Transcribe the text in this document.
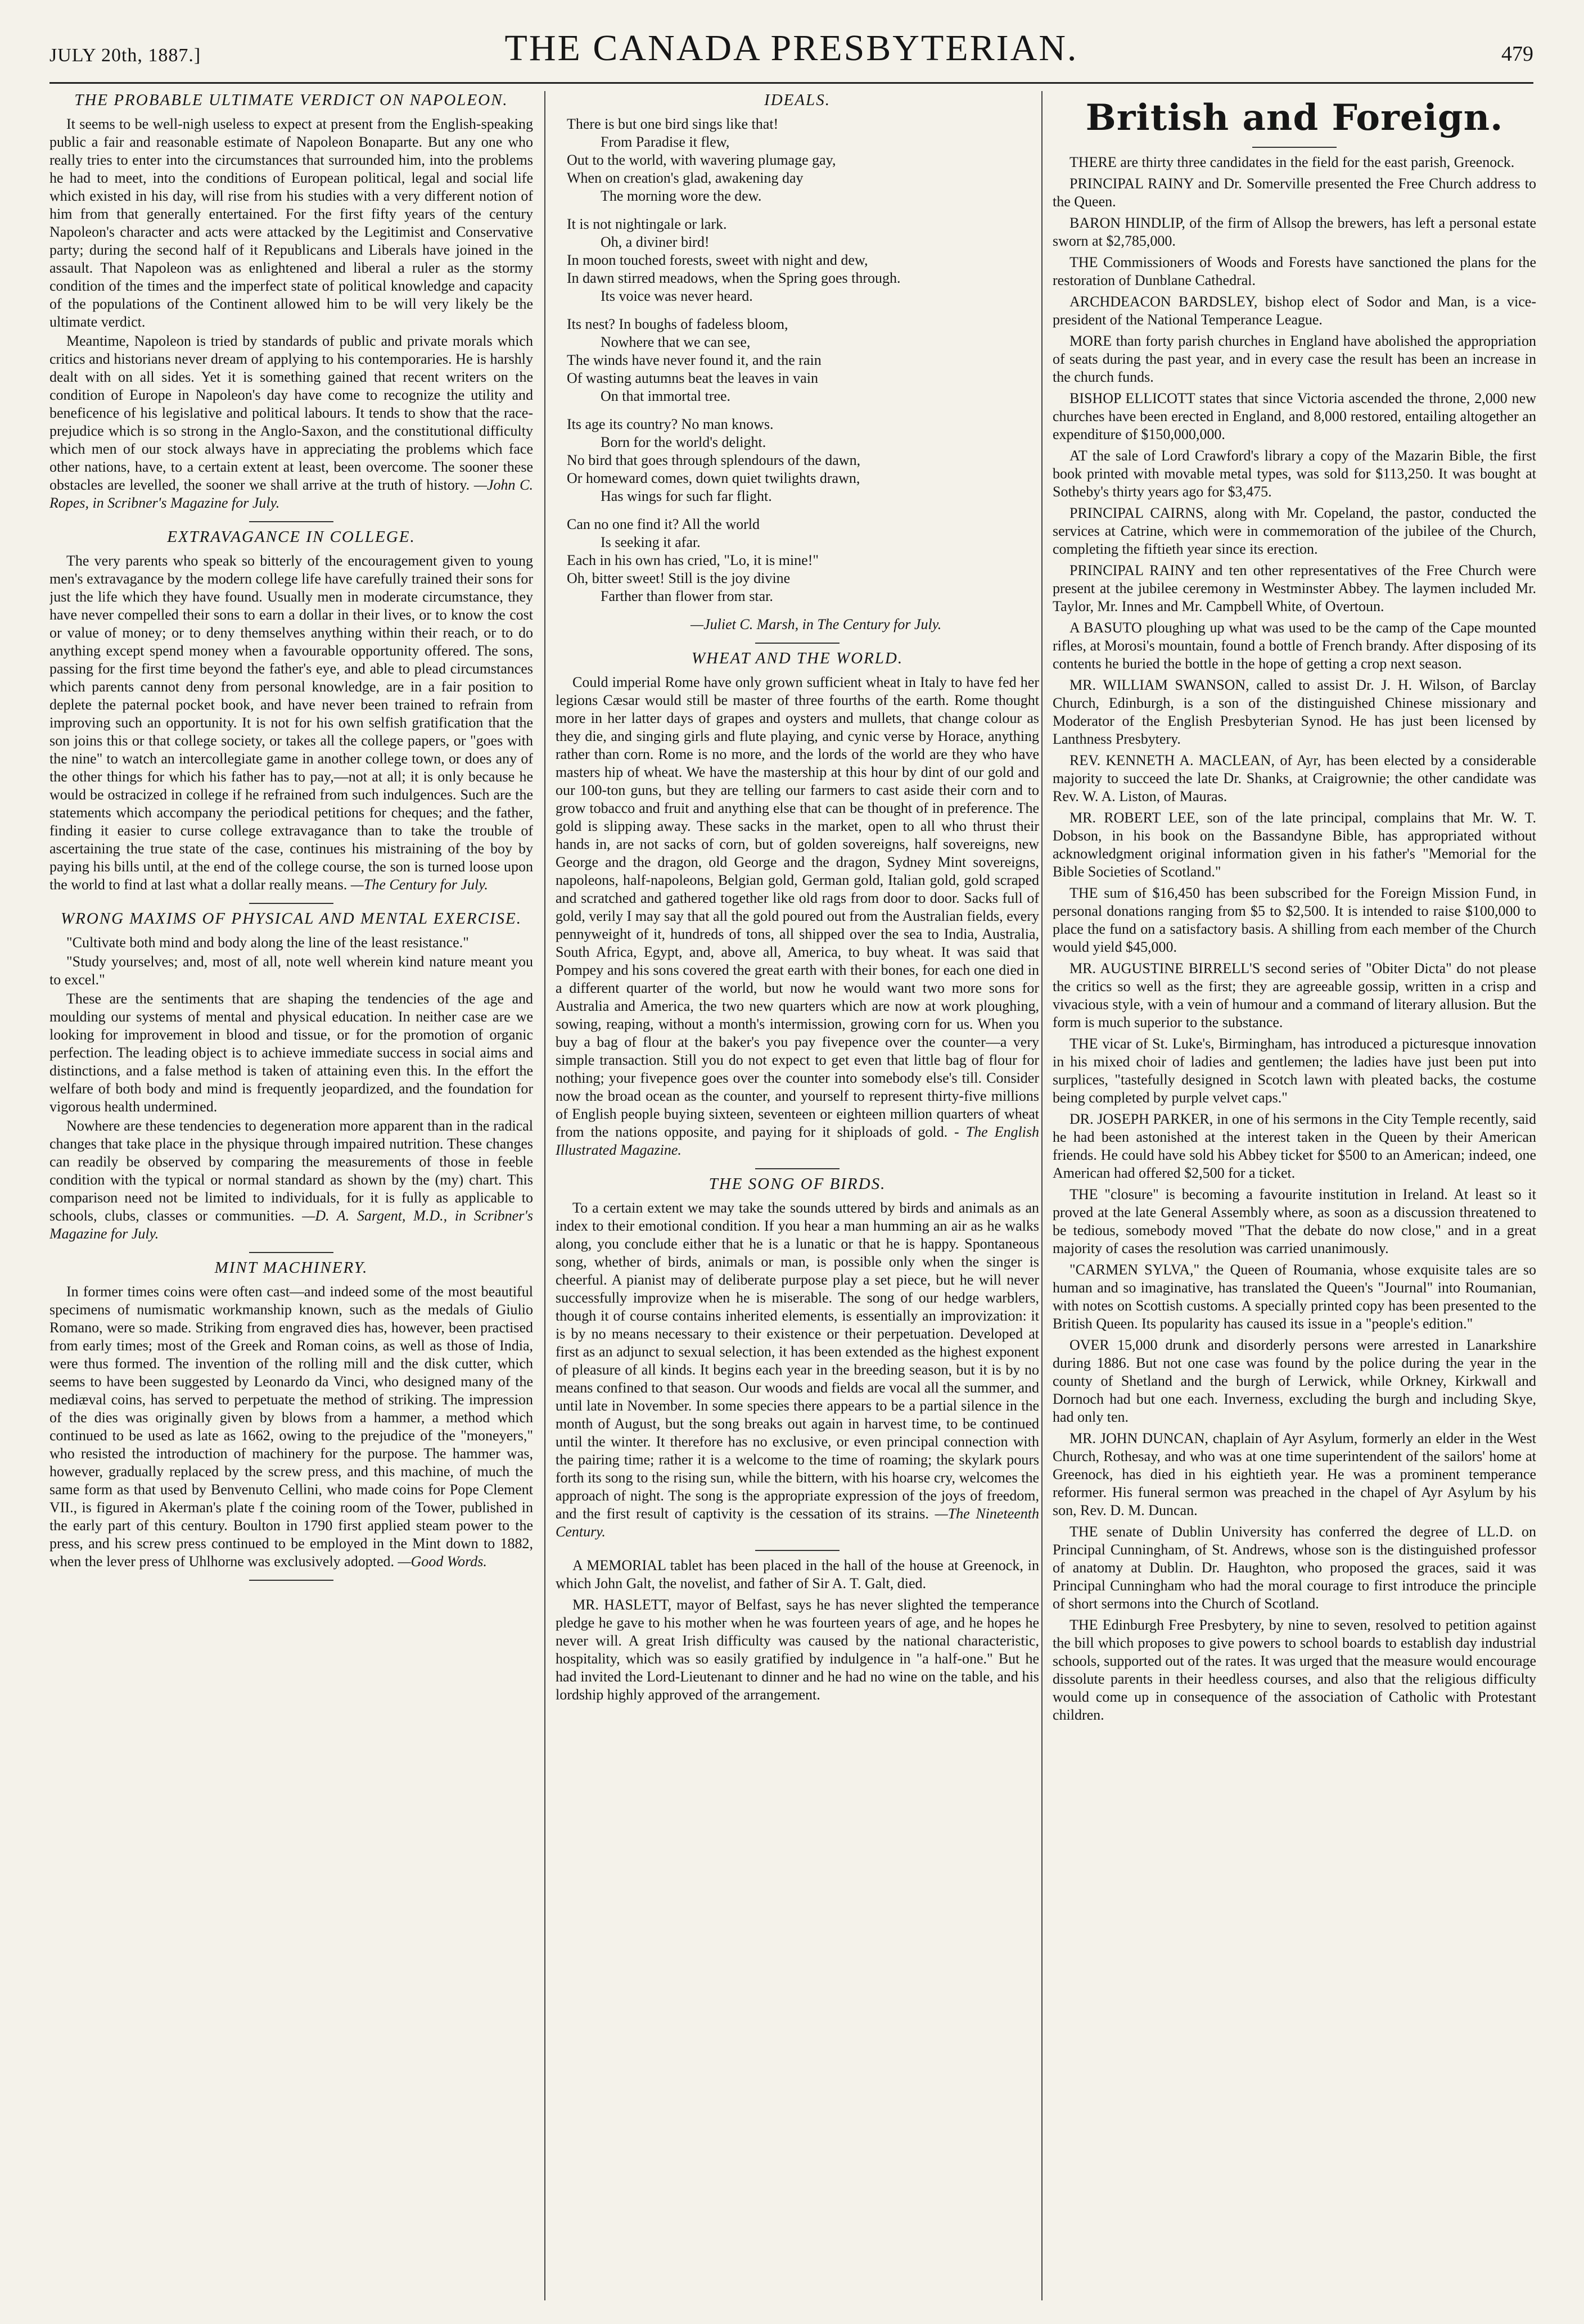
JULY 20th, 1887.]	THE CANADA PRESBYTERIAN.	479
THE PROBABLE ULTIMATE VERDICT ON NAPOLEON.

It seems to be well-nigh useless to expect at present from the English-speaking public a fair and reasonable estimate of Napoleon Bonaparte. But any one who really tries to enter into the circumstances that surrounded him, into the problems he had to meet, into the conditions of European political, legal and social life which existed in his day, will rise from his studies with a very different notion of him from that generally entertained. For the first fifty years of the century Napoleon's character and acts were attacked by the Legitimist and Conservative party; during the second half of it Republicans and Liberals have joined in the assault. That Napoleon was as enlightened and liberal a ruler as the stormy condition of the times and the imperfect state of political knowledge and capacity of the populations of the Continent allowed him to be will very likely be the ultimate verdict.

Meantime, Napoleon is tried by standards of public and private morals which critics and historians never dream of applying to his contemporaries. He is harshly dealt with on all sides. Yet it is something gained that recent writers on the condition of Europe in Napoleon's day have come to recognize the utility and beneficence of his legislative and political labours. It tends to show that the race-prejudice which is so strong in the Anglo-Saxon, and the constitutional difficulty which men of our stock always have in appreciating the problems which face other nations, have, to a certain extent at least, been overcome. The sooner these obstacles are levelled, the sooner we shall arrive at the truth of history. —John C. Ropes, in Scribner's Magazine for July.

EXTRAVAGANCE IN COLLEGE.

The very parents who speak so bitterly of the encouragement given to young men's extravagance by the modern college life have carefully trained their sons for just the life which they have found. Usually men in moderate circumstance, they have never compelled their sons to earn a dollar in their lives, or to know the cost or value of money; or to deny themselves anything within their reach, or to do anything except spend money when a favourable opportunity offered. The sons, passing for the first time beyond the father's eye, and able to plead circumstances which parents cannot deny from personal knowledge, are in a fair position to deplete the paternal pocket book, and have never been trained to refrain from improving such an opportunity. It is not for his own selfish gratification that the son joins this or that college society, or takes all the college papers, or "goes with the nine" to watch an intercollegiate game in another college town, or does any of the other things for which his father has to pay,—not at all; it is only because he would be ostracized in college if he refrained from such indulgences. Such are the statements which accompany the periodical petitions for cheques; and the father, finding it easier to curse college extravagance than to take the trouble of ascertaining the true state of the case, continues his mistraining of the boy by paying his bills until, at the end of the college course, the son is turned loose upon the world to find at last what a dollar really means. —The Century for July.

WRONG MAXIMS OF PHYSICAL AND MENTAL EXERCISE.

"Cultivate both mind and body along the line of the least resistance."

"Study yourselves; and, most of all, note well wherein kind nature meant you to excel."

These are the sentiments that are shaping the tendencies of the age and moulding our systems of mental and physical education. In neither case are we looking for improvement in blood and tissue, or for the promotion of organic perfection. The leading object is to achieve immediate success in social aims and distinctions, and a false method is taken of attaining even this. In the effort the welfare of both body and mind is frequently jeopardized, and the foundation for vigorous health undermined.

Nowhere are these tendencies to degeneration more apparent than in the radical changes that take place in the physique through impaired nutrition. These changes can readily be observed by comparing the measurements of those in feeble condition with the typical or normal standard as shown by the (my) chart. This comparison need not be limited to individuals, for it is fully as applicable to schools, clubs, classes or communities. —D. A. Sargent, M.D., in Scribner's Magazine for July.

MINT MACHINERY.

In former times coins were often cast—and indeed some of the most beautiful specimens of numismatic workmanship known, such as the medals of Giulio Romano, were so made. Striking from engraved dies has, however, been practised from early times; most of the Greek and Roman coins, as well as those of India, were thus formed. The invention of the rolling mill and the disk cutter, which seems to have been suggested by Leonardo da Vinci, who designed many of the mediæval coins, has served to perpetuate the method of striking. The impression of the dies was originally given by blows from a hammer, a method which continued to be used as late as 1662, owing to the prejudice of the "moneyers," who resisted the introduction of machinery for the purpose. The hammer was, however, gradually replaced by the screw press, and this machine, of much the same form as that used by Benvenuto Cellini, who made coins for Pope Clement VII., is figured in Akerman's plate f the coining room of the Tower, published in the early part of this century. Boulton in 1790 first applied steam power to the press, and his screw press continued to be employed in the Mint down to 1882, when the lever press of Uhlhorne was exclusively adopted. —Good Words.

IDEALS.
There is but one bird sings like that!
From Paradise it flew,
Out to the world, with wavering plumage gay,
When on creation's glad, awakening day
The morning wore the dew.
It is not nightingale or lark.
Oh, a diviner bird!
In moon touched forests, sweet with night and dew,
In dawn stirred meadows, when the Spring goes through.
Its voice was never heard.
Its nest? In boughs of fadeless bloom,
Nowhere that we can see,
The winds have never found it, and the rain
Of wasting autumns beat the leaves in vain
On that immortal tree.
Its age its country? No man knows.
Born for the world's delight.
No bird that goes through splendours of the dawn,
Or homeward comes, down quiet twilights drawn,
Has wings for such far flight.
Can no one find it? All the world
Is seeking it afar.
Each in his own has cried, "Lo, it is mine!"
Oh, bitter sweet! Still is the joy divine
Farther than flower from star.
—Juliet C. Marsh, in The Century for July.
WHEAT AND THE WORLD.

Could imperial Rome have only grown sufficient wheat in Italy to have fed her legions Cæsar would still be master of three fourths of the earth. Rome thought more in her latter days of grapes and oysters and mullets, that change colour as they die, and singing girls and flute playing, and cynic verse by Horace, anything rather than corn. Rome is no more, and the lords of the world are they who have masters hip of wheat. We have the mastership at this hour by dint of our gold and our 100-ton guns, but they are telling our farmers to cast aside their corn and to grow tobacco and fruit and anything else that can be thought of in preference. The gold is slipping away. These sacks in the market, open to all who thrust their hands in, are not sacks of corn, but of golden sovereigns, half sovereigns, new George and the dragon, old George and the dragon, Sydney Mint sovereigns, napoleons, half-napoleons, Belgian gold, German gold, Italian gold, gold scraped and scratched and gathered together like old rags from door to door. Sacks full of gold, verily I may say that all the gold poured out from the Australian fields, every pennyweight of it, hundreds of tons, all shipped over the sea to India, Australia, South Africa, Egypt, and, above all, America, to buy wheat. It was said that Pompey and his sons covered the great earth with their bones, for each one died in a different quarter of the world, but now he would want two more sons for Australia and America, the two new quarters which are now at work ploughing, sowing, reaping, without a month's intermission, growing corn for us. When you buy a bag of flour at the baker's you pay fivepence over the counter—a very simple transaction. Still you do not expect to get even that little bag of flour for nothing; your fivepence goes over the counter into somebody else's till. Consider now the broad ocean as the counter, and yourself to represent thirty-five millions of English people buying sixteen, seventeen or eighteen million quarters of wheat from the nations opposite, and paying for it shiploads of gold. - The English Illustrated Magazine.

THE SONG OF BIRDS.

To a certain extent we may take the sounds uttered by birds and animals as an index to their emotional condition. If you hear a man humming an air as he walks along, you conclude either that he is a lunatic or that he is happy. Spontaneous song, whether of birds, animals or man, is possible only when the singer is cheerful. A pianist may of deliberate purpose play a set piece, but he will never successfully improvize when he is miserable. The song of our hedge warblers, though it of course contains inherited elements, is essentially an improvization: it is by no means necessary to their existence or their perpetuation. Developed at first as an adjunct to sexual selection, it has been extended as the highest exponent of pleasure of all kinds. It begins each year in the breeding season, but it is by no means confined to that season. Our woods and fields are vocal all the summer, and until late in November. In some species there appears to be a partial silence in the month of August, but the song breaks out again in harvest time, to be continued until the winter. It therefore has no exclusive, or even principal connection with the pairing time; rather it is a welcome to the time of roaming; the skylark pours forth its song to the rising sun, while the bittern, with his hoarse cry, welcomes the approach of night. The song is the appropriate expression of the joys of freedom, and the first result of captivity is the cessation of its strains. —The Nineteenth Century.

A MEMORIAL tablet has been placed in the hall of the house at Greenock, in which John Galt, the novelist, and father of Sir A. T. Galt, died.

MR. HASLETT, mayor of Belfast, says he has never slighted the temperance pledge he gave to his mother when he was fourteen years of age, and he hopes he never will. A great Irish difficulty was caused by the national characteristic, hospitality, which was so easily gratified by indulgence in "a half-one." But he had invited the Lord-Lieutenant to dinner and he had no wine on the table, and his lordship highly approved of the arrangement.

British and Foreign.

THERE are thirty three candidates in the field for the east parish, Greenock.

PRINCIPAL RAINY and Dr. Somerville presented the Free Church address to the Queen.

BARON HINDLIP, of the firm of Allsop the brewers, has left a personal estate sworn at $2,785,000.

THE Commissioners of Woods and Forests have sanctioned the plans for the restoration of Dunblane Cathedral.

ARCHDEACON BARDSLEY, bishop elect of Sodor and Man, is a vice-president of the National Temperance League.

MORE than forty parish churches in England have abolished the appropriation of seats during the past year, and in every case the result has been an increase in the church funds.

BISHOP ELLICOTT states that since Victoria ascended the throne, 2,000 new churches have been erected in England, and 8,000 restored, entailing altogether an expenditure of $150,000,000.

AT the sale of Lord Crawford's library a copy of the Mazarin Bible, the first book printed with movable metal types, was sold for $113,250. It was bought at Sotheby's thirty years ago for $3,475.

PRINCIPAL CAIRNS, along with Mr. Copeland, the pastor, conducted the services at Catrine, which were in commemoration of the jubilee of the Church, completing the fiftieth year since its erection.

PRINCIPAL RAINY and ten other representatives of the Free Church were present at the jubilee ceremony in Westminster Abbey. The laymen included Mr. Taylor, Mr. Innes and Mr. Campbell White, of Overtoun.

A BASUTO ploughing up what was used to be the camp of the Cape mounted rifles, at Morosi's mountain, found a bottle of French brandy. After disposing of its contents he buried the bottle in the hope of getting a crop next season.

MR. WILLIAM SWANSON, called to assist Dr. J. H. Wilson, of Barclay Church, Edinburgh, is a son of the distinguished Chinese missionary and Moderator of the English Presbyterian Synod. He has just been licensed by Lanthness Presbytery.

REV. KENNETH A. MACLEAN, of Ayr, has been elected by a considerable majority to succeed the late Dr. Shanks, at Craigrownie; the other candidate was Rev. W. A. Liston, of Mauras.

MR. ROBERT LEE, son of the late principal, complains that Mr. W. T. Dobson, in his book on the Bassandyne Bible, has appropriated without acknowledgment original information given in his father's "Memorial for the Bible Societies of Scotland."

THE sum of $16,450 has been subscribed for the Foreign Mission Fund, in personal donations ranging from $5 to $2,500. It is intended to raise $100,000 to place the fund on a satisfactory basis. A shilling from each member of the Church would yield $45,000.

MR. AUGUSTINE BIRRELL'S second series of "Obiter Dicta" do not please the critics so well as the first; they are agreeable gossip, written in a crisp and vivacious style, with a vein of humour and a command of literary allusion. But the form is much superior to the substance.

THE vicar of St. Luke's, Birmingham, has introduced a picturesque innovation in his mixed choir of ladies and gentlemen; the ladies have just been put into surplices, "tastefully designed in Scotch lawn with pleated backs, the costume being completed by purple velvet caps."

DR. JOSEPH PARKER, in one of his sermons in the City Temple recently, said he had been astonished at the interest taken in the Queen by their American friends. He could have sold his Abbey ticket for $500 to an American; indeed, one American had offered $2,500 for a ticket.

THE "closure" is becoming a favourite institution in Ireland. At least so it proved at the late General Assembly where, as soon as a discussion threatened to be tedious, somebody moved "That the debate do now close," and in a great majority of cases the resolution was carried unanimously.

"CARMEN SYLVA," the Queen of Roumania, whose exquisite tales are so human and so imaginative, has translated the Queen's "Journal" into Roumanian, with notes on Scottish customs. A specially printed copy has been presented to the British Queen. Its popularity has caused its issue in a "people's edition."

OVER 15,000 drunk and disorderly persons were arrested in Lanarkshire during 1886. But not one case was found by the police during the year in the county of Shetland and the burgh of Lerwick, while Orkney, Kirkwall and Dornoch had but one each. Inverness, excluding the burgh and including Skye, had only ten.

MR. JOHN DUNCAN, chaplain of Ayr Asylum, formerly an elder in the West Church, Rothesay, and who was at one time superintendent of the sailors' home at Greenock, has died in his eightieth year. He was a prominent temperance reformer. His funeral sermon was preached in the chapel of Ayr Asylum by his son, Rev. D. M. Duncan.

THE senate of Dublin University has conferred the degree of LL.D. on Principal Cunningham, of St. Andrews, whose son is the distinguished professor of anatomy at Dublin. Dr. Haughton, who proposed the graces, said it was Principal Cunningham who had the moral courage to first introduce the principle of short sermons into the Church of Scotland.

THE Edinburgh Free Presbytery, by nine to seven, resolved to petition against the bill which proposes to give powers to school boards to establish day industrial schools, supported out of the rates. It was urged that the measure would encourage dissolute parents in their heedless courses, and also that the religious difficulty would come up in consequence of the association of Catholic with Protestant children.
